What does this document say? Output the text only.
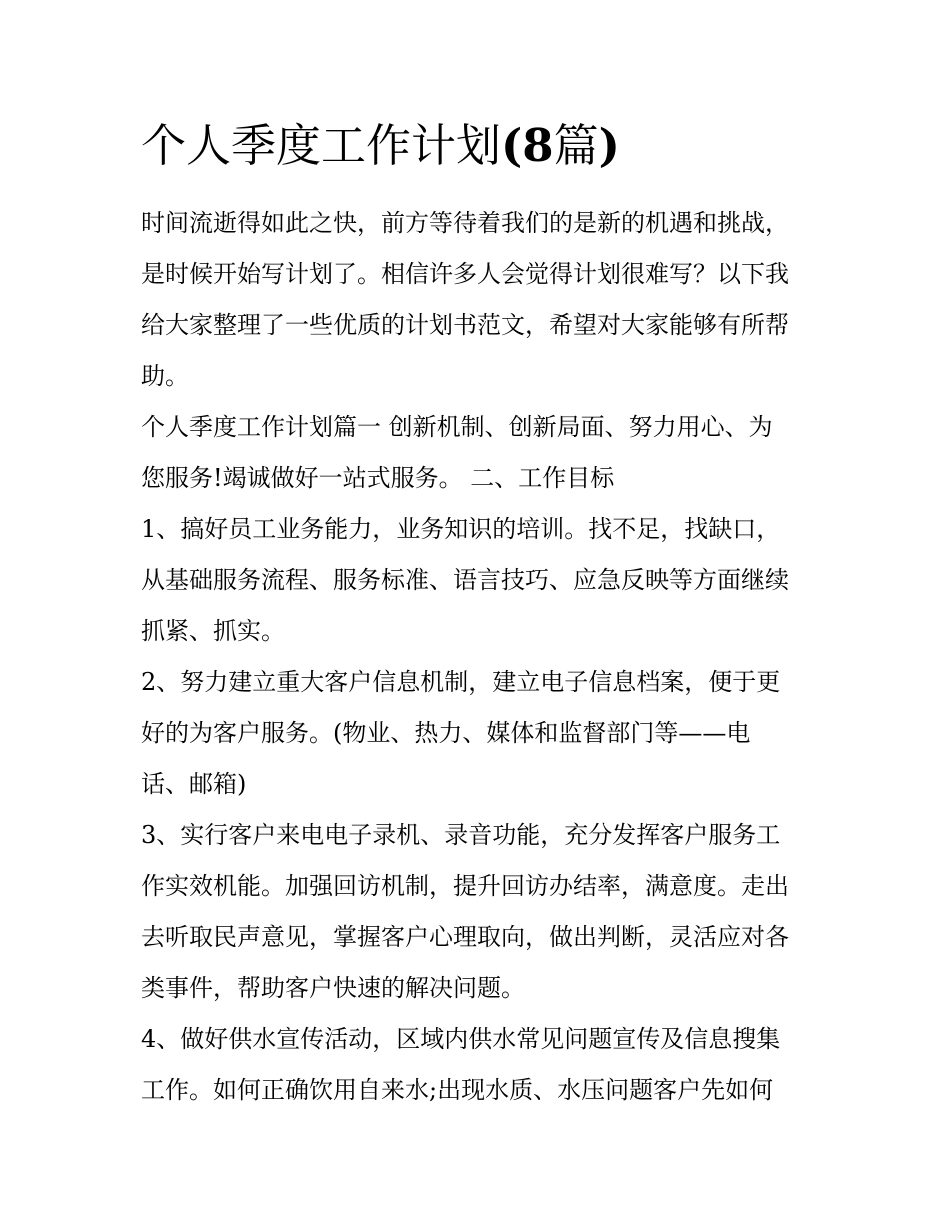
个人季度工作计划(8篇)

时间流逝得如此之快，前方等待着我们的是新的机遇和挑战，
是时候开始写计划了。相信许多人会觉得计划很难写？以下我
给大家整理了一些优质的计划书范文，希望对大家能够有所帮
助。

个人季度工作计划篇一 创新机制、创新局面、努力用心、为
您服务!竭诚做好一站式服务。 二、工作目标

1、搞好员工业务能力，业务知识的培训。找不足，找缺口，
从基础服务流程、服务标准、语言技巧、应急反映等方面继续
抓紧、抓实。

2、努力建立重大客户信息机制，建立电子信息档案，便于更
好的为客户服务。(物业、热力、媒体和监督部门等——电
话、邮箱)

3、实行客户来电电子录机、录音功能，充分发挥客户服务工
作实效机能。加强回访机制，提升回访办结率，满意度。走出
去听取民声意见，掌握客户心理取向，做出判断，灵活应对各
类事件，帮助客户快速的解决问题。

4、做好供水宣传活动，区域内供水常见问题宣传及信息搜集
工作。如何正确饮用自来水;出现水质、水压问题客户先如何
